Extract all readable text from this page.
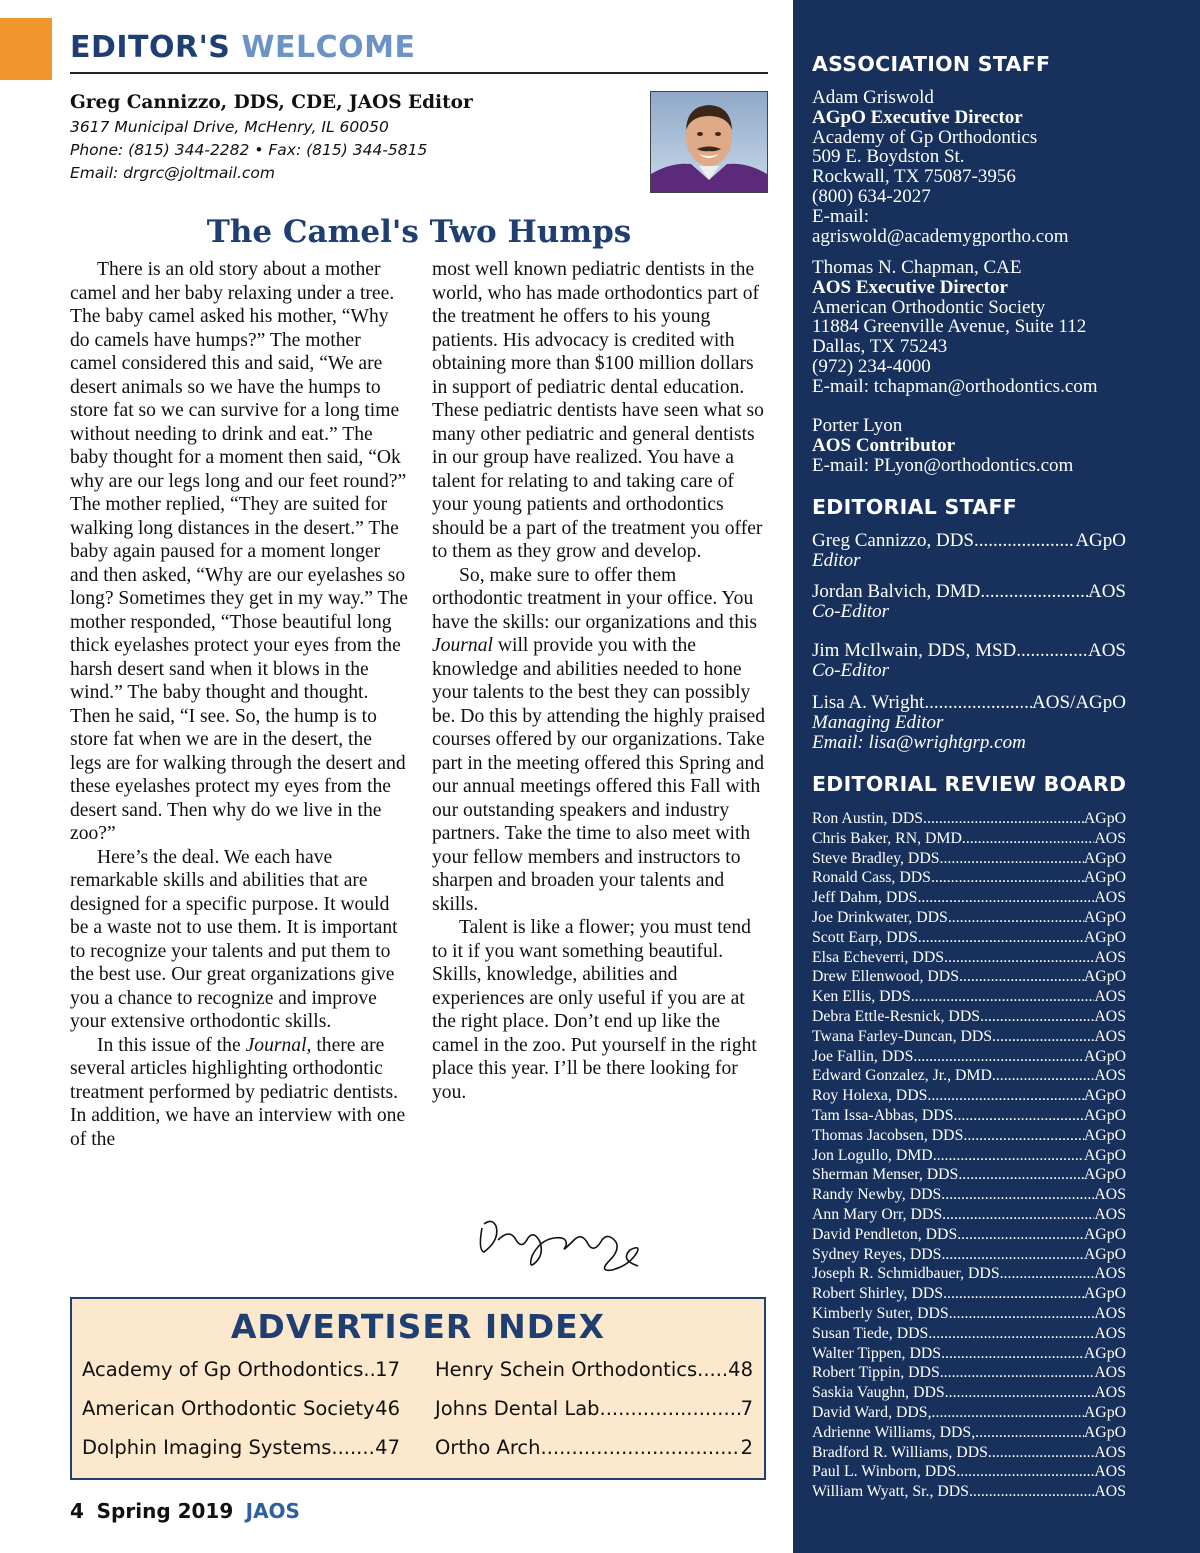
EDITOR'S WELCOME

Greg Cannizzo, DDS, CDE, JAOS Editor

3617 Municipal Drive, McHenry, IL 60050

Phone: (815) 344-2282 • Fax: (815) 344-5815

Email: drgrc@joltmail.com

The Camel's Two Humps

There is an old story about a mother camel and her baby relaxing under a tree. The baby camel asked his mother, “Why do camels have humps?” The mother camel considered this and said, “We are desert animals so we have the humps to store fat so we can survive for a long time without needing to drink and eat.” The baby thought for a moment then said, “Ok why are our legs long and our feet round?” The mother replied, “They are suited for walking long distances in the desert.” The baby again paused for a moment longer and then asked, “Why are our eyelashes so long? Sometimes they get in my way.” The mother responded, “Those beautiful long thick eyelashes protect your eyes from the harsh desert sand when it blows in the wind.” The baby thought and thought. Then he said, “I see. So, the hump is to store fat when we are in the desert, the legs are for walking through the desert and these eyelashes protect my eyes from the desert sand. Then why do we live in the zoo?”

Here’s the deal. We each have remarkable skills and abilities that are designed for a specific purpose. It would be a waste not to use them. It is important to recognize your talents and put them to the best use. Our great organizations give you a chance to recognize and improve your extensive orthodontic skills.

In this issue of the Journal, there are several articles highlighting orthodontic treatment performed by pediatric dentists. In addition, we have an interview with one of the

most well known pediatric dentists in the world, who has made orthodontics part of the treatment he offers to his young patients. His advocacy is credited with obtaining more than $100 million dollars in support of pediatric dental education. These pediatric dentists have seen what so many other pediatric and general dentists in our group have realized. You have a talent for relating to and taking care of your young patients and orthodontics should be a part of the treatment you offer to them as they grow and develop.

So, make sure to offer them orthodontic treatment in your office. You have the skills: our organizations and this Journal will provide you with the knowledge and abilities needed to hone your talents to the best they can possibly be. Do this by attending the highly praised courses offered by our organizations. Take part in the meeting offered this Spring and our annual meetings offered this Fall with our outstanding speakers and industry partners. Take the time to also meet with your fellow members and instructors to sharpen and broaden your talents and skills.

Talent is like a flower; you must tend to it if you want something beautiful. Skills, knowledge, abilities and experiences are only useful if you are at the right place. Don’t end up like the camel in the zoo. Put yourself in the right place this year. I’ll be there looking for you.

ADVERTISER INDEX
Academy of Gp Orthodontics ..... 17
American Orthodontic Society ..... 46
Dolphin Imaging Systems ..... 47
Henry Schein Orthodontics ..... 48
Johns Dental Lab .....	7
Ortho Arch .....	2
4 Spring 2019 JAOS
ASSOCIATION STAFF
Adam Griswold
AGpO Executive Director
Academy of Gp Orthodontics
509 E. Boydston St.
Rockwall, TX 75087-3956
(800) 634-2027
E-mail:
agriswold@academygportho.com
Thomas N. Chapman, CAE
AOS Executive Director
American Orthodontic Society
11884 Greenville Avenue, Suite 112
Dallas, TX 75243
(972) 234-4000
E-mail: tchapman@orthodontics.com
Porter Lyon
AOS Contributor
E-mail: PLyon@orthodontics.com
EDITORIAL STAFF
Greg Cannizzo, DDS .....	AGpO
Editor
Jordan Balvich, DMD .....	AOS
Co-Editor
Jim McIlwain, DDS, MSD .....	AOS
Co-Editor
Lisa A. Wright .....	AOS/AGpO
Managing Editor
Email: lisa@wrightgrp.com
EDITORIAL REVIEW BOARD
Ron Austin, DDS .....	AGpO
Chris Baker, RN, DMD .....	AOS
Steve Bradley, DDS .....	AGpO
Ronald Cass, DDS .....	AGpO
Jeff Dahm, DDS .....	AOS
Joe Drinkwater, DDS .....	AGpO
Scott Earp, DDS .....	AGpO
Elsa Echeverri, DDS .....	AOS
Drew Ellenwood, DDS .....	AGpO
Ken Ellis, DDS .....	AOS
Debra Ettle-Resnick, DDS .....	AOS
Twana Farley-Duncan, DDS .....	AOS
Joe Fallin, DDS .....	AGpO
Edward Gonzalez, Jr., DMD .....	AOS
Roy Holexa, DDS .....	AGpO
Tam Issa-Abbas, DDS .....	AGpO
Thomas Jacobsen, DDS .....	AGpO
Jon Logullo, DMD .....	AGpO
Sherman Menser, DDS .....	AGpO
Randy Newby, DDS .....	AOS
Ann Mary Orr, DDS .....	AOS
David Pendleton, DDS .....	AGpO
Sydney Reyes, DDS .....	AGpO
Joseph R. Schmidbauer, DDS .....	AOS
Robert Shirley, DDS .....	AGpO
Kimberly Suter, DDS .....	AOS
Susan Tiede, DDS .....	AOS
Walter Tippen, DDS .....	AGpO
Robert Tippin, DDS .....	AOS
Saskia Vaughn, DDS .....	AOS
David Ward, DDS, .....	AGpO
Adrienne Williams, DDS, .....	AGpO
Bradford R. Williams, DDS .....	AOS
Paul L. Winborn, DDS .....	AOS
William Wyatt, Sr., DDS .....	AOS
